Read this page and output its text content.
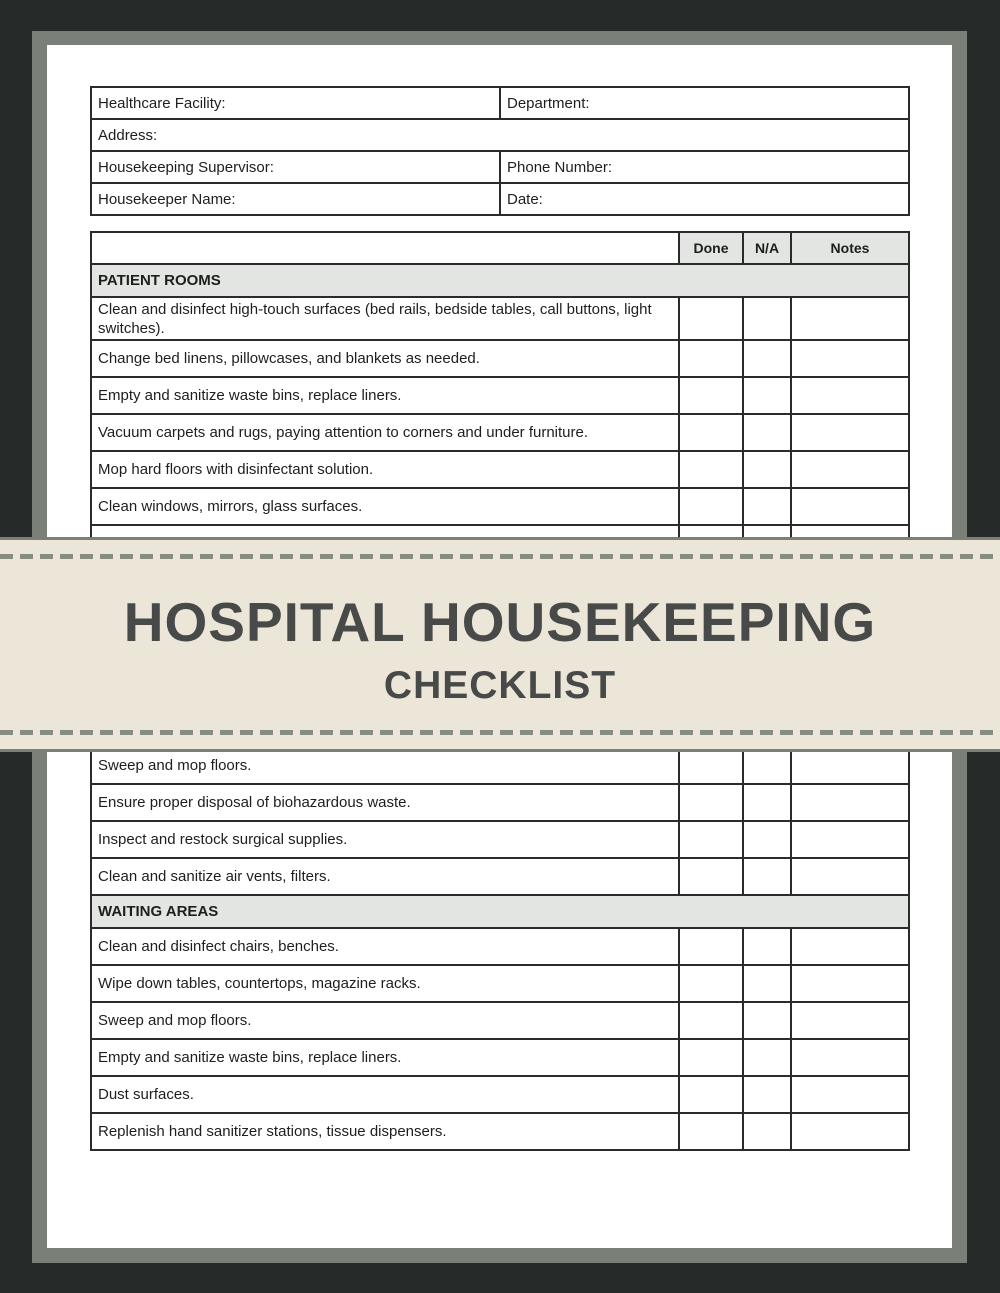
Healthcare Facility:	Department:
Address:	
Housekeeping Supervisor:	Phone Number:
Housekeeper Name:	Date:
	Done	N/A	Notes
PATIENT ROOMS			
Clean and disinfect high-touch surfaces (bed rails, bedside tables, call buttons, light switches).			
Change bed linens, pillowcases, and blankets as needed.			
Empty and sanitize waste bins, replace liners.			
Vacuum carpets and rugs, paying attention to corners and under furniture.			
Mop hard floors with disinfectant solution.			
Clean windows, mirrors, glass surfaces.			

Sweep and mop floors.			
Ensure proper disposal of biohazardous waste.			
Inspect and restock surgical supplies.			
Clean and sanitize air vents, filters.			
WAITING AREAS			
Clean and disinfect chairs, benches.			
Wipe down tables, countertops, magazine racks.			
Sweep and mop floors.			
Empty and sanitize waste bins, replace liners.			
Dust surfaces.			
Replenish hand sanitizer stations, tissue dispensers.			
HOSPITAL HOUSEKEEPING
CHECKLIST
